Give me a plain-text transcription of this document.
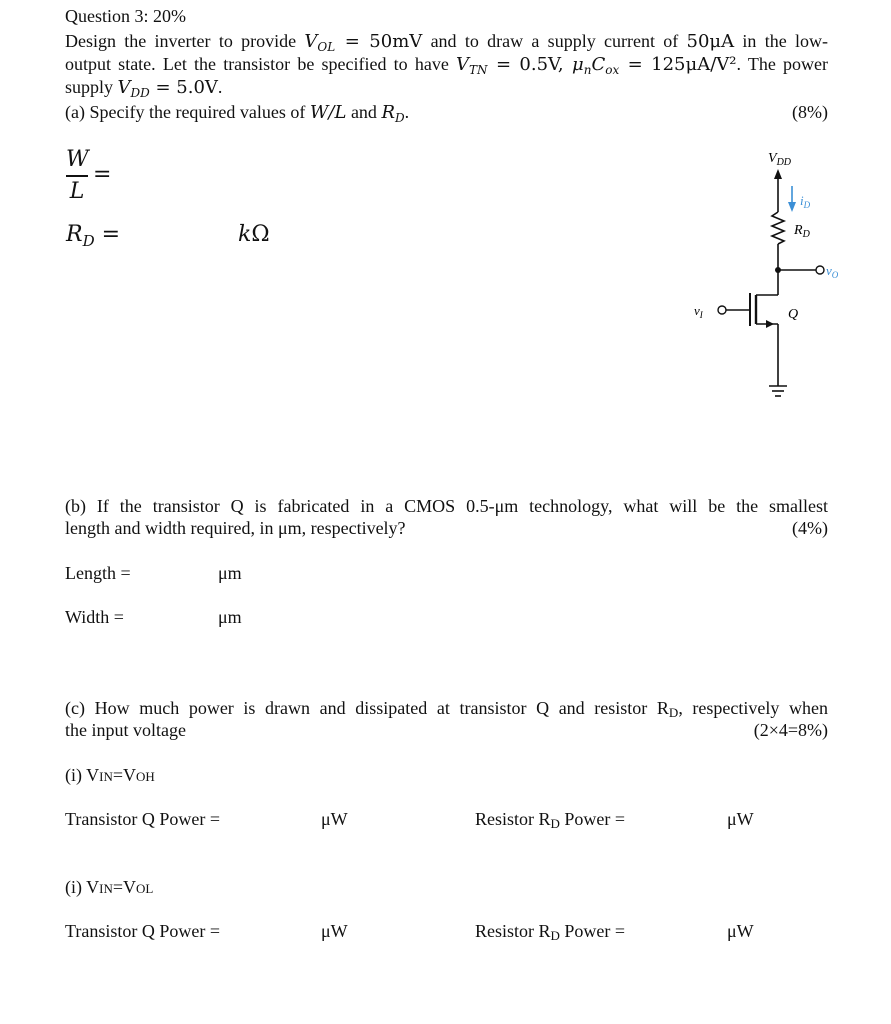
Question 3: 20%
Design the inverter to provide $V_{OL} = 50mV$ and to draw a supply current of 50μA in the low-
output state. Let the transistor be specified to have $V_{TN} = 0.5V$, $\mu_nC_{ox} = 125\mu A/V^2$. The power
supply $V_{DD} = 5.0V$.
(a) Specify the required values of W/L and $R_D$.	(8%)
W
L
=
$R_D$ =	kΩ
$V_{DD}$
$i_D$
$R_D$
$v_O$
$v_I$	Q
(b) If the transistor Q is fabricated in a CMOS 0.5-μm technology, what will be the smallest
length and width required, in μm, respectively?	(4%)
Length =	μm
Width =	μm
(c) How much power is drawn and dissipated at transistor Q and resistor RD, respectively when
the input voltage	(2×4=8%)
(i) VIN=VOH
Transistor Q Power =	μW	Resistor RD Power =	μW
(i) VIN=VOL
Transistor Q Power =	μW	Resistor RD Power =	μW
